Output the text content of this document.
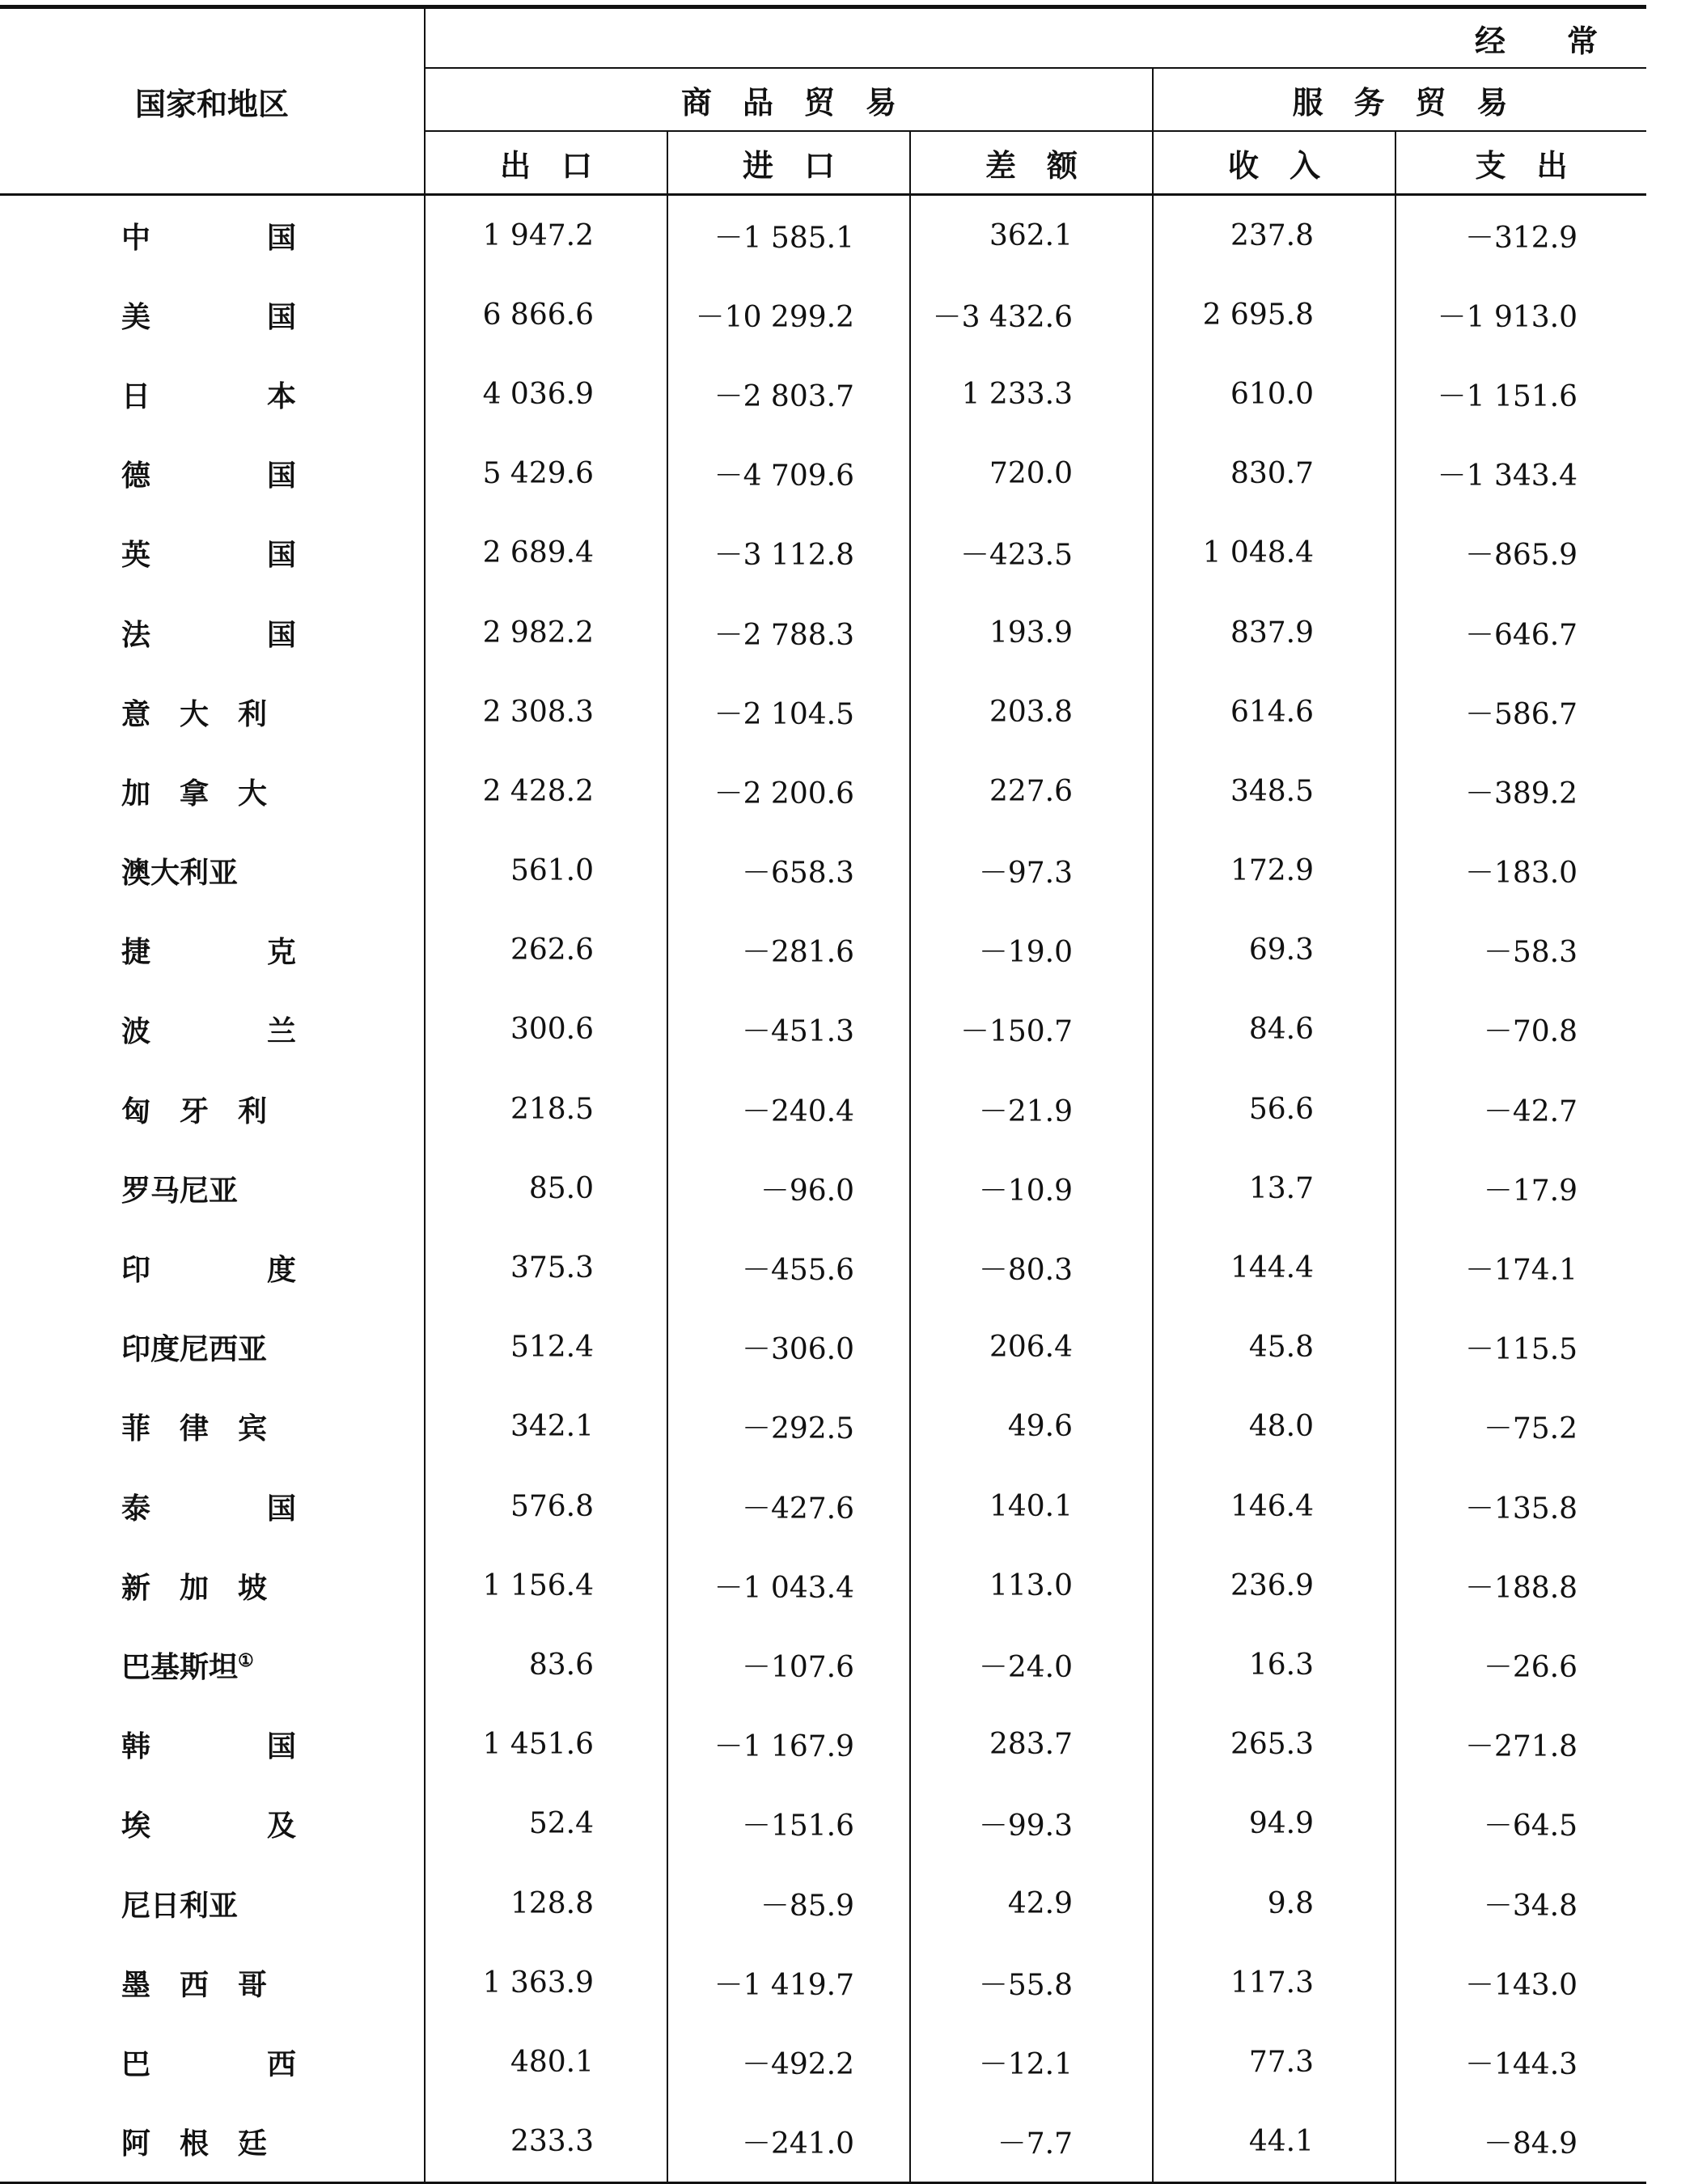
国家和地区	经　　常				
	商　品　贸　易			服　务　贸　易	
	出　口	进　口	差　额	收　入	支　出

中　　　　国	1 947.2	－1 585.1	362.1	237.8	－312.9

美　　　　国	6 866.6	－10 299.2	－3 432.6	2 695.8	－1 913.0

日　　　　本	4 036.9	－2 803.7	1 233.3	610.0	－1 151.6

德　　　　国	5 429.6	－4 709.6	720.0	830.7	－1 343.4

英　　　　国	2 689.4	－3 112.8	－423.5	1 048.4	－865.9

法　　　　国	2 982.2	－2 788.3	193.9	837.9	－646.7

意　大　利	2 308.3	－2 104.5	203.8	614.6	－586.7

加　拿　大	2 428.2	－2 200.6	227.6	348.5	－389.2

澳大利亚	561.0	－658.3	－97.3	172.9	－183.0

捷　　　　克	262.6	－281.6	－19.0	69.3	－58.3

波　　　　兰	300.6	－451.3	－150.7	84.6	－70.8

匈　牙　利	218.5	－240.4	－21.9	56.6	－42.7

罗马尼亚	85.0	－96.0	－10.9	13.7	－17.9

印　　　　度	375.3	－455.6	－80.3	144.4	－174.1

印度尼西亚	512.4	－306.0	206.4	45.8	－115.5

菲　律　宾	342.1	－292.5	49.6	48.0	－75.2

泰　　　　国	576.8	－427.6	140.1	146.4	－135.8

新　加　坡	1 156.4	－1 043.4	113.0	236.9	－188.8
巴基斯坦①	83.6	－107.6	－24.0	16.3	－26.6

韩　　　　国	1 451.6	－1 167.9	283.7	265.3	－271.8

埃　　　　及	52.4	－151.6	－99.3	94.9	－64.5

尼日利亚	128.8	－85.9	42.9	9.8	－34.8

墨　西　哥	1 363.9	－1 419.7	－55.8	117.3	－143.0

巴　　　　西	480.1	－492.2	－12.1	77.3	－144.3

阿　根　廷	233.3	－241.0	－7.7	44.1	－84.9
